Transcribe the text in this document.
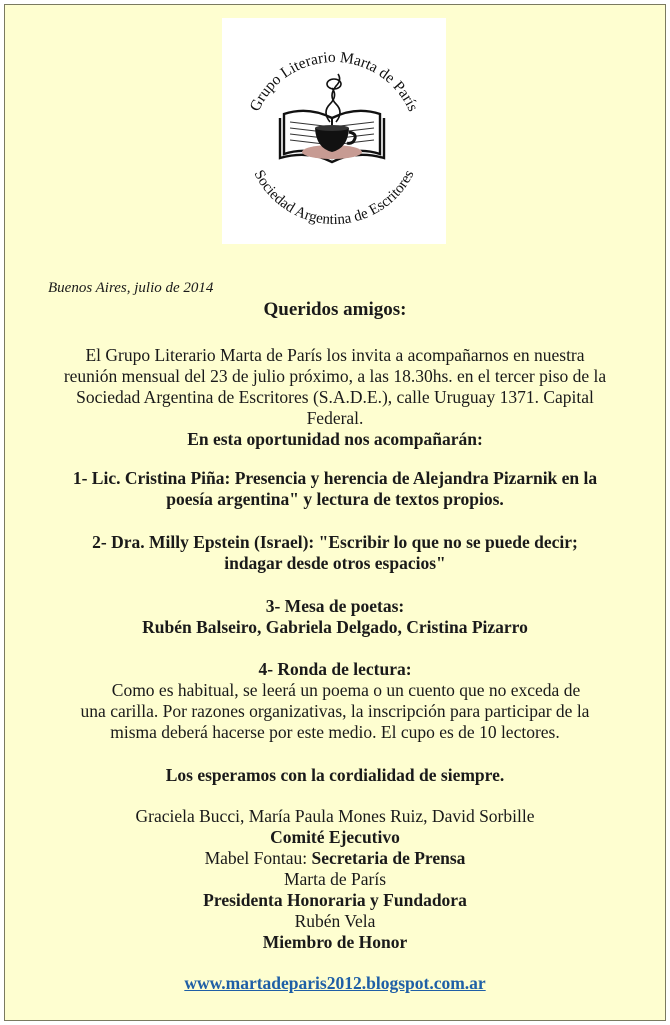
Grupo Literario Marta de París
Sociedad Argentina de Escritores
Buenos Aires, julio de 2014
Queridos amigos:

El Grupo Literario Marta de París los invita a acompañarnos en nuestra

reunión mensual del 23 de julio próximo, a las 18.30hs. en el tercer piso de la

Sociedad Argentina de Escritores (S.A.D.E.), calle Uruguay 1371. Capital

Federal.

En esta oportunidad nos acompañarán:

1- Lic. Cristina Piña: Presencia y herencia de Alejandra Pizarnik en la
poesía argentina" y lectura de textos propios.
2- Dra. Milly Epstein (Israel): "Escribir lo que no se puede decir;
indagar desde otros espacios"
3- Mesa de poetas:
Rubén Balseiro, Gabriela Delgado, Cristina Pizarro
4- Ronda de lectura:

Como es habitual, se leerá un poema o un cuento que no exceda de

una carilla. Por razones organizativas, la inscripción para participar de la

misma deberá hacerse por este medio. El cupo es de 10 lectores.

Los esperamos con la cordialidad de siempre.
Graciela Bucci, María Paula Mones Ruiz, David Sorbille
Comité Ejecutivo
Mabel Fontau: Secretaria de Prensa
Marta de París
Presidenta Honoraria y Fundadora
Rubén Vela
Miembro de Honor
www.martadeparis2012.blogspot.com.ar
